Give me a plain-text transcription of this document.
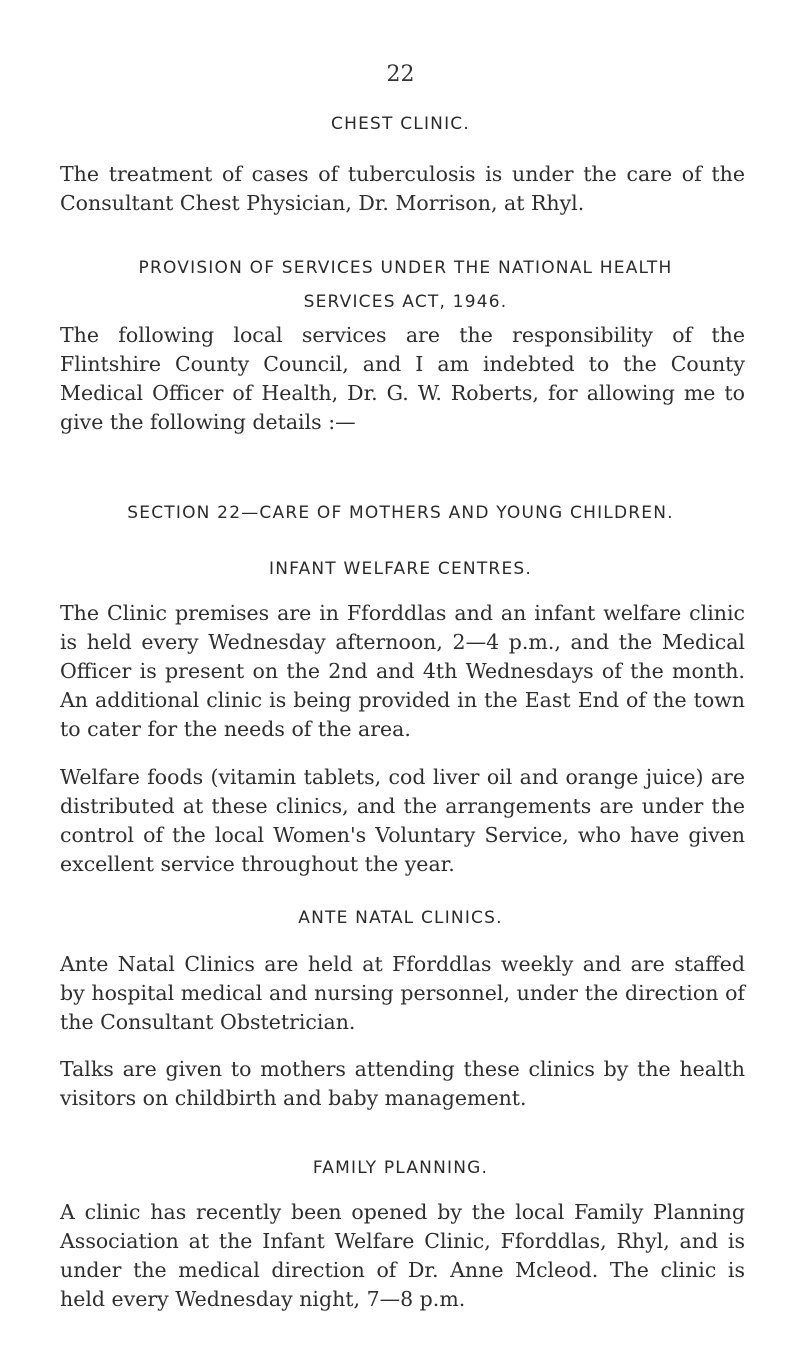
22
CHEST CLINIC.

The treatment of cases of tuberculosis is under the care of the Consultant Chest Physician, Dr. Morrison, at Rhyl.

PROVISION OF SERVICES UNDER THE NATIONAL HEALTH SERVICES ACT, 1946.

The following local services are the responsibility of the Flintshire County Council, and I am indebted to the County Medical Officer of Health, Dr. G. W. Roberts, for allowing me to give the following details :—

SECTION 22—CARE OF MOTHERS AND YOUNG CHILDREN.
INFANT WELFARE CENTRES.

The Clinic premises are in Fforddlas and an infant welfare clinic is held every Wednesday afternoon, 2—4 p.m., and the Medical Officer is present on the 2nd and 4th Wednesdays of the month. An additional clinic is being provided in the East End of the town to cater for the needs of the area.

Welfare foods (vitamin tablets, cod liver oil and orange juice) are distributed at these clinics, and the arrangements are under the control of the local Women's Voluntary Service, who have given excellent service throughout the year.

ANTE NATAL CLINICS.

Ante Natal Clinics are held at Fforddlas weekly and are staffed by hospital medical and nursing personnel, under the direction of the Consultant Obstetrician.

Talks are given to mothers attending these clinics by the health visitors on childbirth and baby management.

FAMILY PLANNING.

A clinic has recently been opened by the local Family Planning Association at the Infant Welfare Clinic, Fforddlas, Rhyl, and is under the medical direction of Dr. Anne Mcleod. The clinic is held every Wednesday night, 7—8 p.m.
